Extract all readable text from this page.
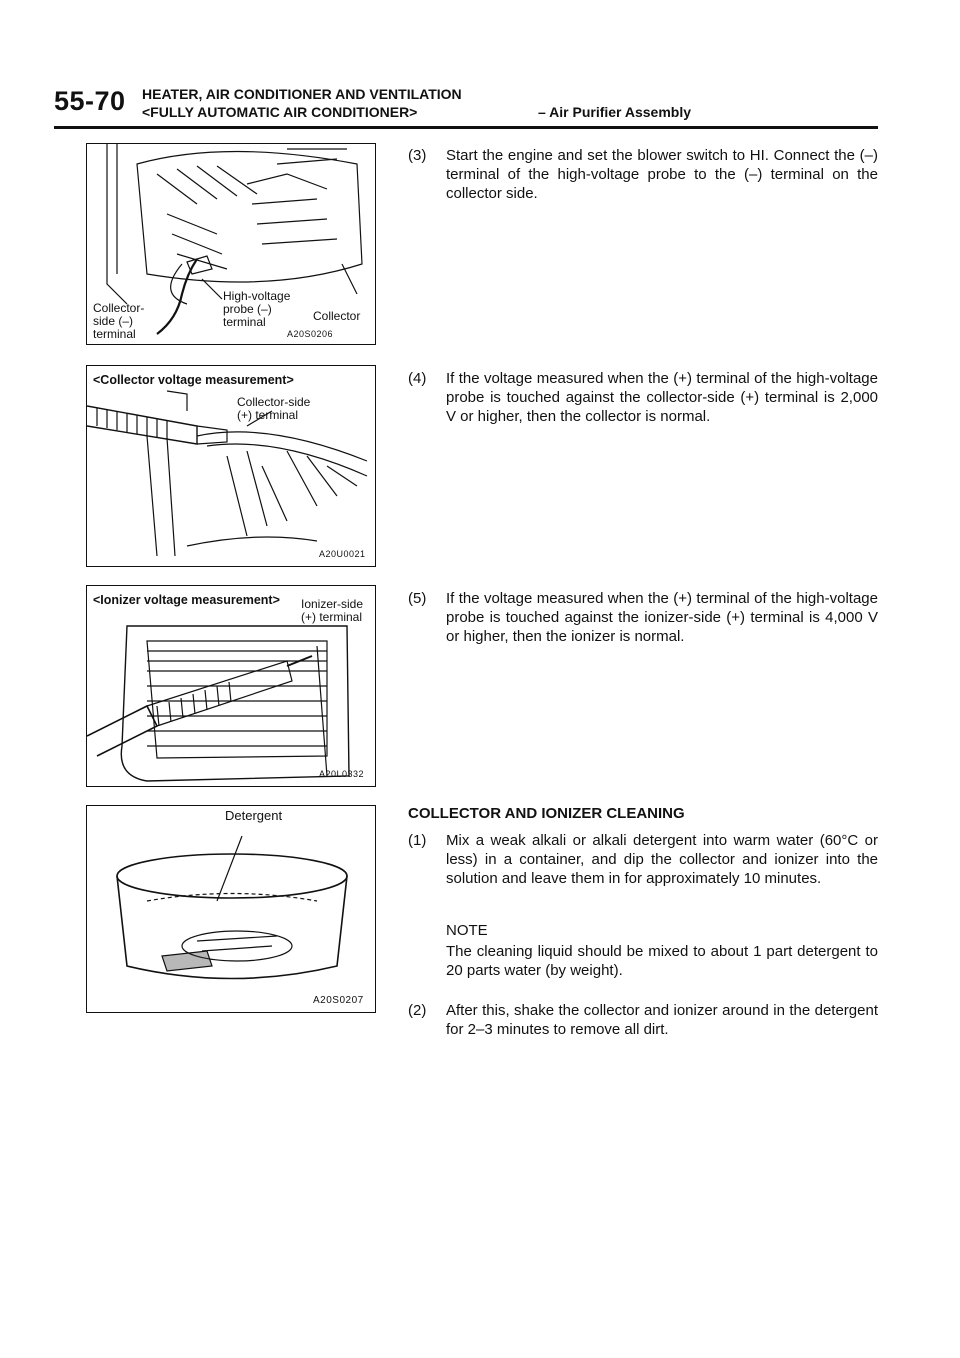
55-70 HEATER, AIR CONDITIONER AND VENTILATION
<FULLY AUTOMATIC AIR CONDITIONER>	– Air Purifier Assembly
Collector-
side (–)
terminal
High-voltage
probe (–)
terminal	Collector
A20S0206
<Collector voltage measurement>
Collector-side
(+) terminal
A20U0021
<Ionizer voltage measurement> Ionizer-side
(+) terminal
A20L0332
Detergent
A20S0207
(3) Start the engine and set the blower switch to HI. Connect the (–) terminal of the high-voltage probe to the (–) terminal on the collector side.
(4) If the voltage measured when the (+) terminal of the high-voltage probe is touched against the collector-side (+) terminal is 2,000 V or higher, then the collector is normal.
(5) If the voltage measured when the (+) terminal of the high-voltage probe is touched against the ionizer-side (+) terminal is 4,000 V or higher, then the ionizer is normal.
COLLECTOR AND IONIZER CLEANING
(1) Mix a weak alkali or alkali detergent into warm water (60°C or less) in a container, and dip the collector and ionizer into the solution and leave them in for approximately 10 minutes.
NOTE
The cleaning liquid should be mixed to about 1 part detergent to 20 parts water (by weight).
(2) After this, shake the collector and ionizer around in the detergent for 2–3 minutes to remove all dirt.
